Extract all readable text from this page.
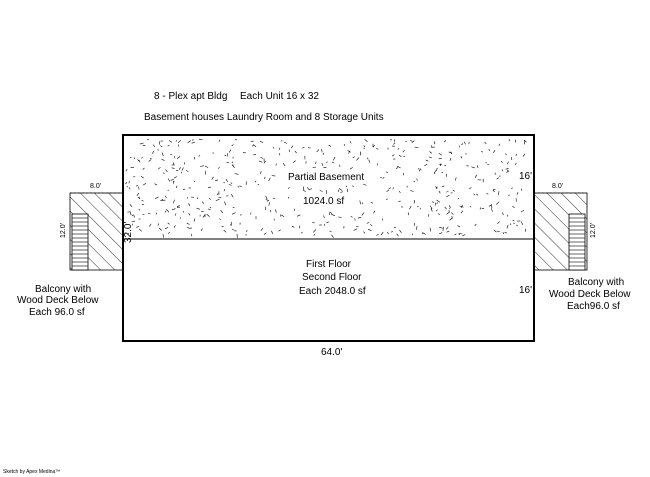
8 - Plex apt Bldg Each Unit 16 x 32
Basement houses Laundry Room and 8 Storage Units
Partial Basement
1024.0 sf
16'
First Floor
Second Floor
Each 2048.0 sf	16'
64.0'
32.0'
8.0'
12.0'
Balcony with
Wood Deck Below
Each 96.0 sf
8.0'
12.0'
Balcony with
Wood Deck Below
Each96.0 sf
Sketch by Apex Medina™
